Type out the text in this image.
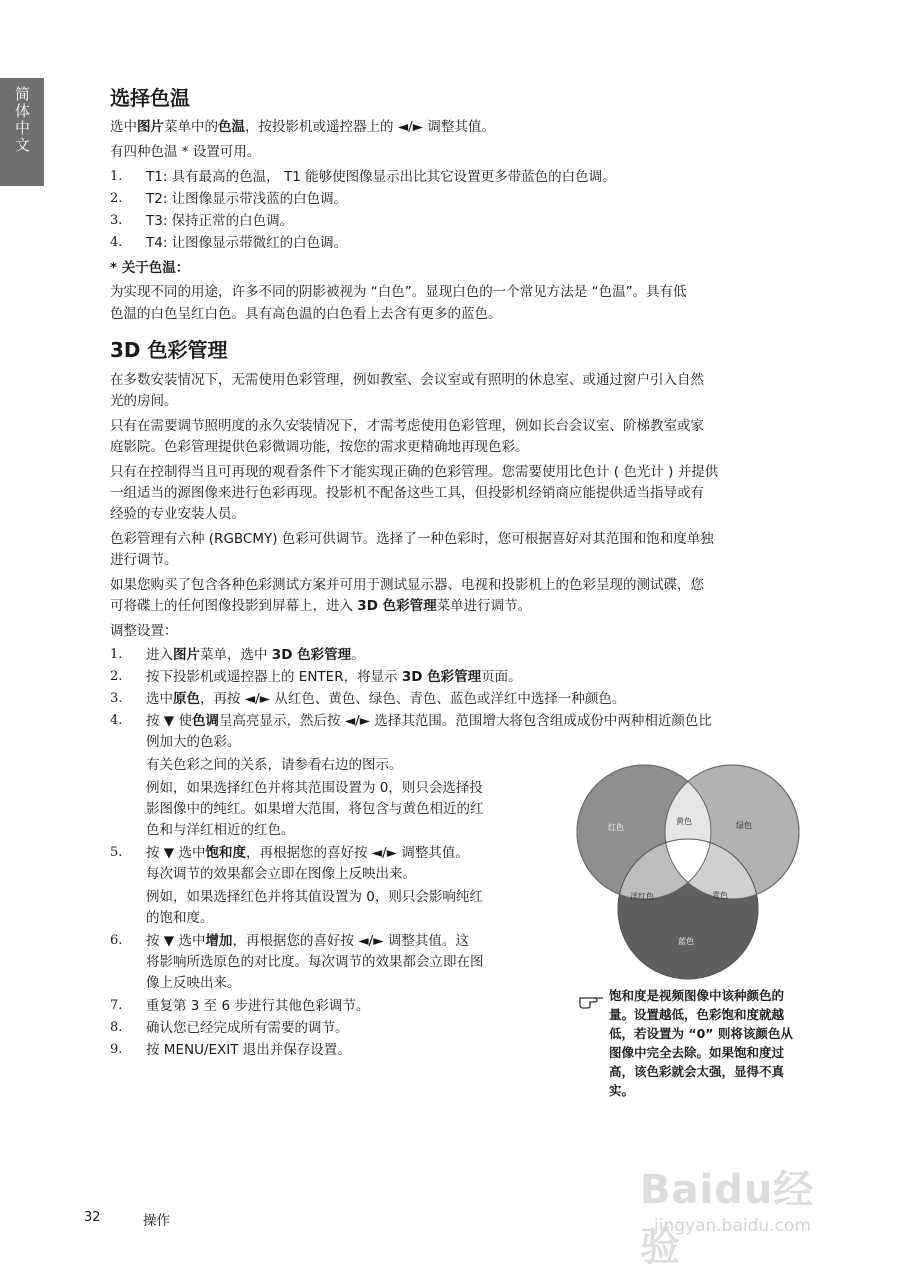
简体中文	选择色温

选中图片菜单中的色温，按投影机或遥控器上的 ◄/► 调整其值。

有四种色温 * 设置可用。

1. T1: 具有最高的色温， T1 能够使图像显示出比其它设置更多带蓝色的白色调。

2. T2: 让图像显示带浅蓝的白色调。

3. T3: 保持正常的白色调。

4. T4: 让图像显示带微红的白色调。

* 关于色温：

为实现不同的用途，许多不同的阴影被视为 “白色”。显现白色的一个常见方法是 “色温”。具有低

色温的白色呈红白色。具有高色温的白色看上去含有更多的蓝色。

3D 色彩管理

在多数安装情况下，无需使用色彩管理，例如教室、会议室或有照明的休息室、或通过窗户引入自然

光的房间。

只有在需要调节照明度的永久安装情况下，才需考虑使用色彩管理，例如长台会议室、阶梯教室或家

庭影院。色彩管理提供色彩微调功能，按您的需求更精确地再现色彩。

只有在控制得当且可再现的观看条件下才能实现正确的色彩管理。您需要使用比色计 ( 色光计 ) 并提供

一组适当的源图像来进行色彩再现。投影机不配备这些工具，但投影机经销商应能提供适当指导或有

经验的专业安装人员。

色彩管理有六种 (RGBCMY) 色彩可供调节。选择了一种色彩时，您可根据喜好对其范围和饱和度单独

进行调节。

如果您购买了包含各种色彩测试方案并可用于测试显示器、电视和投影机上的色彩呈现的测试碟，您

可将碟上的任何图像投影到屏幕上，进入 3D 色彩管理菜单进行调节。

调整设置：

1. 进入图片菜单，选中 3D 色彩管理。

2. 按下投影机或遥控器上的 ENTER，将显示 3D 色彩管理页面。

3. 选中原色，再按 ◄/► 从红色、黄色、绿色、青色、蓝色或洋红中选择一种颜色。

4. 按 ▼ 使色调呈高亮显示，然后按 ◄/► 选择其范围。范围增大将包含组成成份中两种相近颜色比

例加大的色彩。

有关色彩之间的关系，请参看右边的图示。

例如，如果选择红色并将其范围设置为 0，则只会选择投

影图像中的纯红。如果增大范围，将包含与黄色相近的红

色和与洋红相近的红色。

5. 按 ▼ 选中饱和度，再根据您的喜好按 ◄/► 调整其值。

每次调节的效果都会立即在图像上反映出来。

例如，如果选择红色并将其值设置为 0，则只会影响纯红

的饱和度。

6. 按 ▼ 选中增加，再根据您的喜好按 ◄/► 调整其值。这

将影响所选原色的对比度。每次调节的效果都会立即在图

像上反映出来。

7. 重复第 3 至 6 步进行其他色彩调节。

8. 确认您已经完成所有需要的调节。

9. 按 MENU/EXIT 退出并保存设置。

红色
黄色	绿色
洋红色	青色
蓝色
饱和度是视频图像中该种颜色的
量。设置越低，色彩饱和度就越
低，若设置为 “0” 则将该颜色从
图像中完全去除。如果饱和度过
高，该色彩就会太强，显得不真
实。
32	操作
Baidu经验
jingyan.baidu.com
